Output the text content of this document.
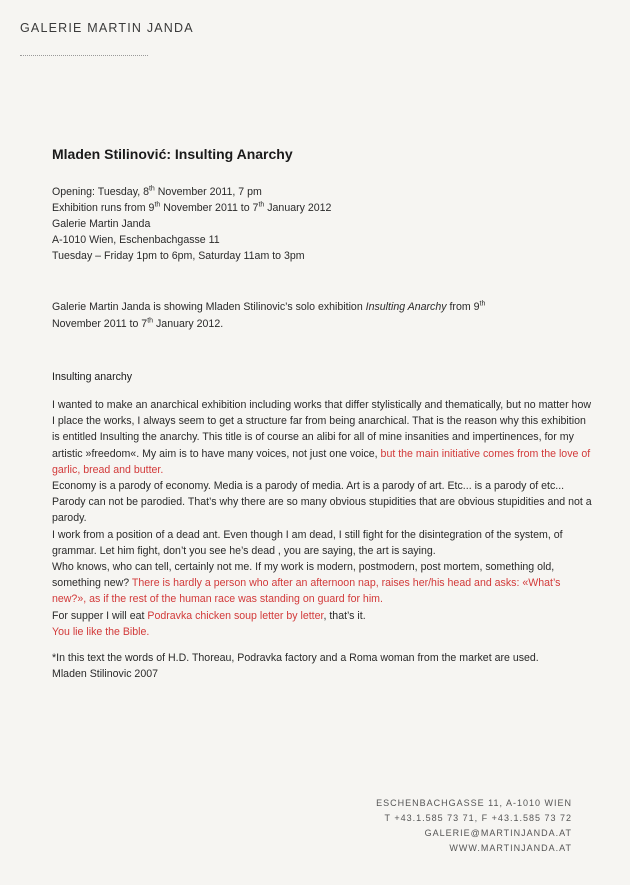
GALERIE MARTIN JANDA
Mladen Stilinović: Insulting Anarchy
Opening: Tuesday, 8th November 2011, 7 pm
Exhibition runs from 9th November 2011 to 7th January 2012
Galerie Martin Janda
A-1010 Wien, Eschenbachgasse 11
Tuesday – Friday 1pm to 6pm, Saturday 11am to 3pm
Galerie Martin Janda is showing Mladen Stilinovic’s solo exhibition Insulting Anarchy from 9th
November 2011 to 7th January 2012.
Insulting anarchy
I wanted to make an anarchical exhibition including works that differ stylistically and thematically, but no matter how I place the works, I always seem to get a structure far from being anarchical. That is the reason why this exhibition is entitled Insulting the anarchy. This title is of course an alibi for all of mine insanities and impertinences, for my artistic »freedom«. My aim is to have many voices, not just one voice, but the main initiative comes from the love of garlic, bread and butter.
Economy is a parody of economy. Media is a parody of media. Art is a parody of art. Etc... is a parody of etc... Parody can not be parodied. That’s why there are so many obvious stupidities that are obvious stupidities and not a parody.
I work from a position of a dead ant. Even though I am dead, I still fight for the disintegration of the system, of grammar. Let him fight, don’t you see he’s dead , you are saying, the art is saying.
Who knows, who can tell, certainly not me. If my work is modern, postmodern, post mortem, something old, something new? There is hardly a person who after an afternoon nap, raises her/his head and asks: «What’s new?», as if the rest of the human race was standing on guard for him.
For supper I will eat Podravka chicken soup letter by letter, that’s it.
You lie like the Bible.
*In this text the words of H.D. Thoreau, Podravka factory and a Roma woman from the market are used.
Mladen Stilinovic 2007
ESCHENBACHGASSE 11, A-1010 WIEN
T +43.1.585 73 71, F +43.1.585 73 72
GALERIE@MARTINJANDA.AT
WWW.MARTINJANDA.AT
